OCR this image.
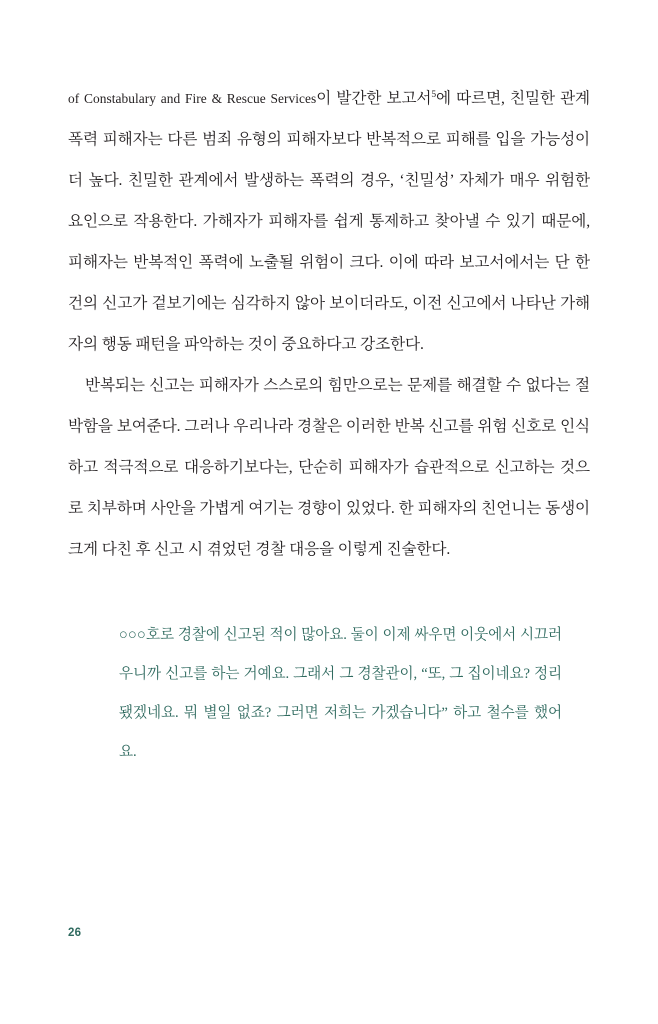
of Constabulary and Fire & Rescue Services이 발간한 보고서$^5$에 따르면, 친밀한 관계 폭력 피해자는 다른 범죄 유형의 피해자보다 반복적으로 피해를 입을 가능성이 더 높다. 친밀한 관계에서 발생하는 폭력의 경우, ‘친밀성’ 자체가 매우 위험한 요인으로 작용한다. 가해자가 피해자를 쉽게 통제하고 찾아낼 수 있기 때문에, 피해자는 반복적인 폭력에 노출될 위험이 크다. 이에 따라 보고서에서는 단 한 건의 신고가 겉보기에는 심각하지 않아 보이더라도, 이전 신고에서 나타난 가해자의 행동 패턴을 파악하는 것이 중요하다고 강조한다.

반복되는 신고는 피해자가 스스로의 힘만으로는 문제를 해결할 수 없다는 절박함을 보여준다. 그러나 우리나라 경찰은 이러한 반복 신고를 위험 신호로 인식하고 적극적으로 대응하기보다는, 단순히 피해자가 습관적으로 신고하는 것으로 치부하며 사안을 가볍게 여기는 경향이 있었다. 한 피해자의 친언니는 동생이 크게 다친 후 신고 시 겪었던 경찰 대응을 이렇게 진술한다.

○○○호로 경찰에 신고된 적이 많아요. 둘이 이제 싸우면 이웃에서 시끄러우니까 신고를 하는 거예요. 그래서 그 경찰관이, “또, 그 집이네요? 정리됐겠네요. 뭐 별일 없죠? 그러면 저희는 가겠습니다” 하고 철수를 했어요.

26
